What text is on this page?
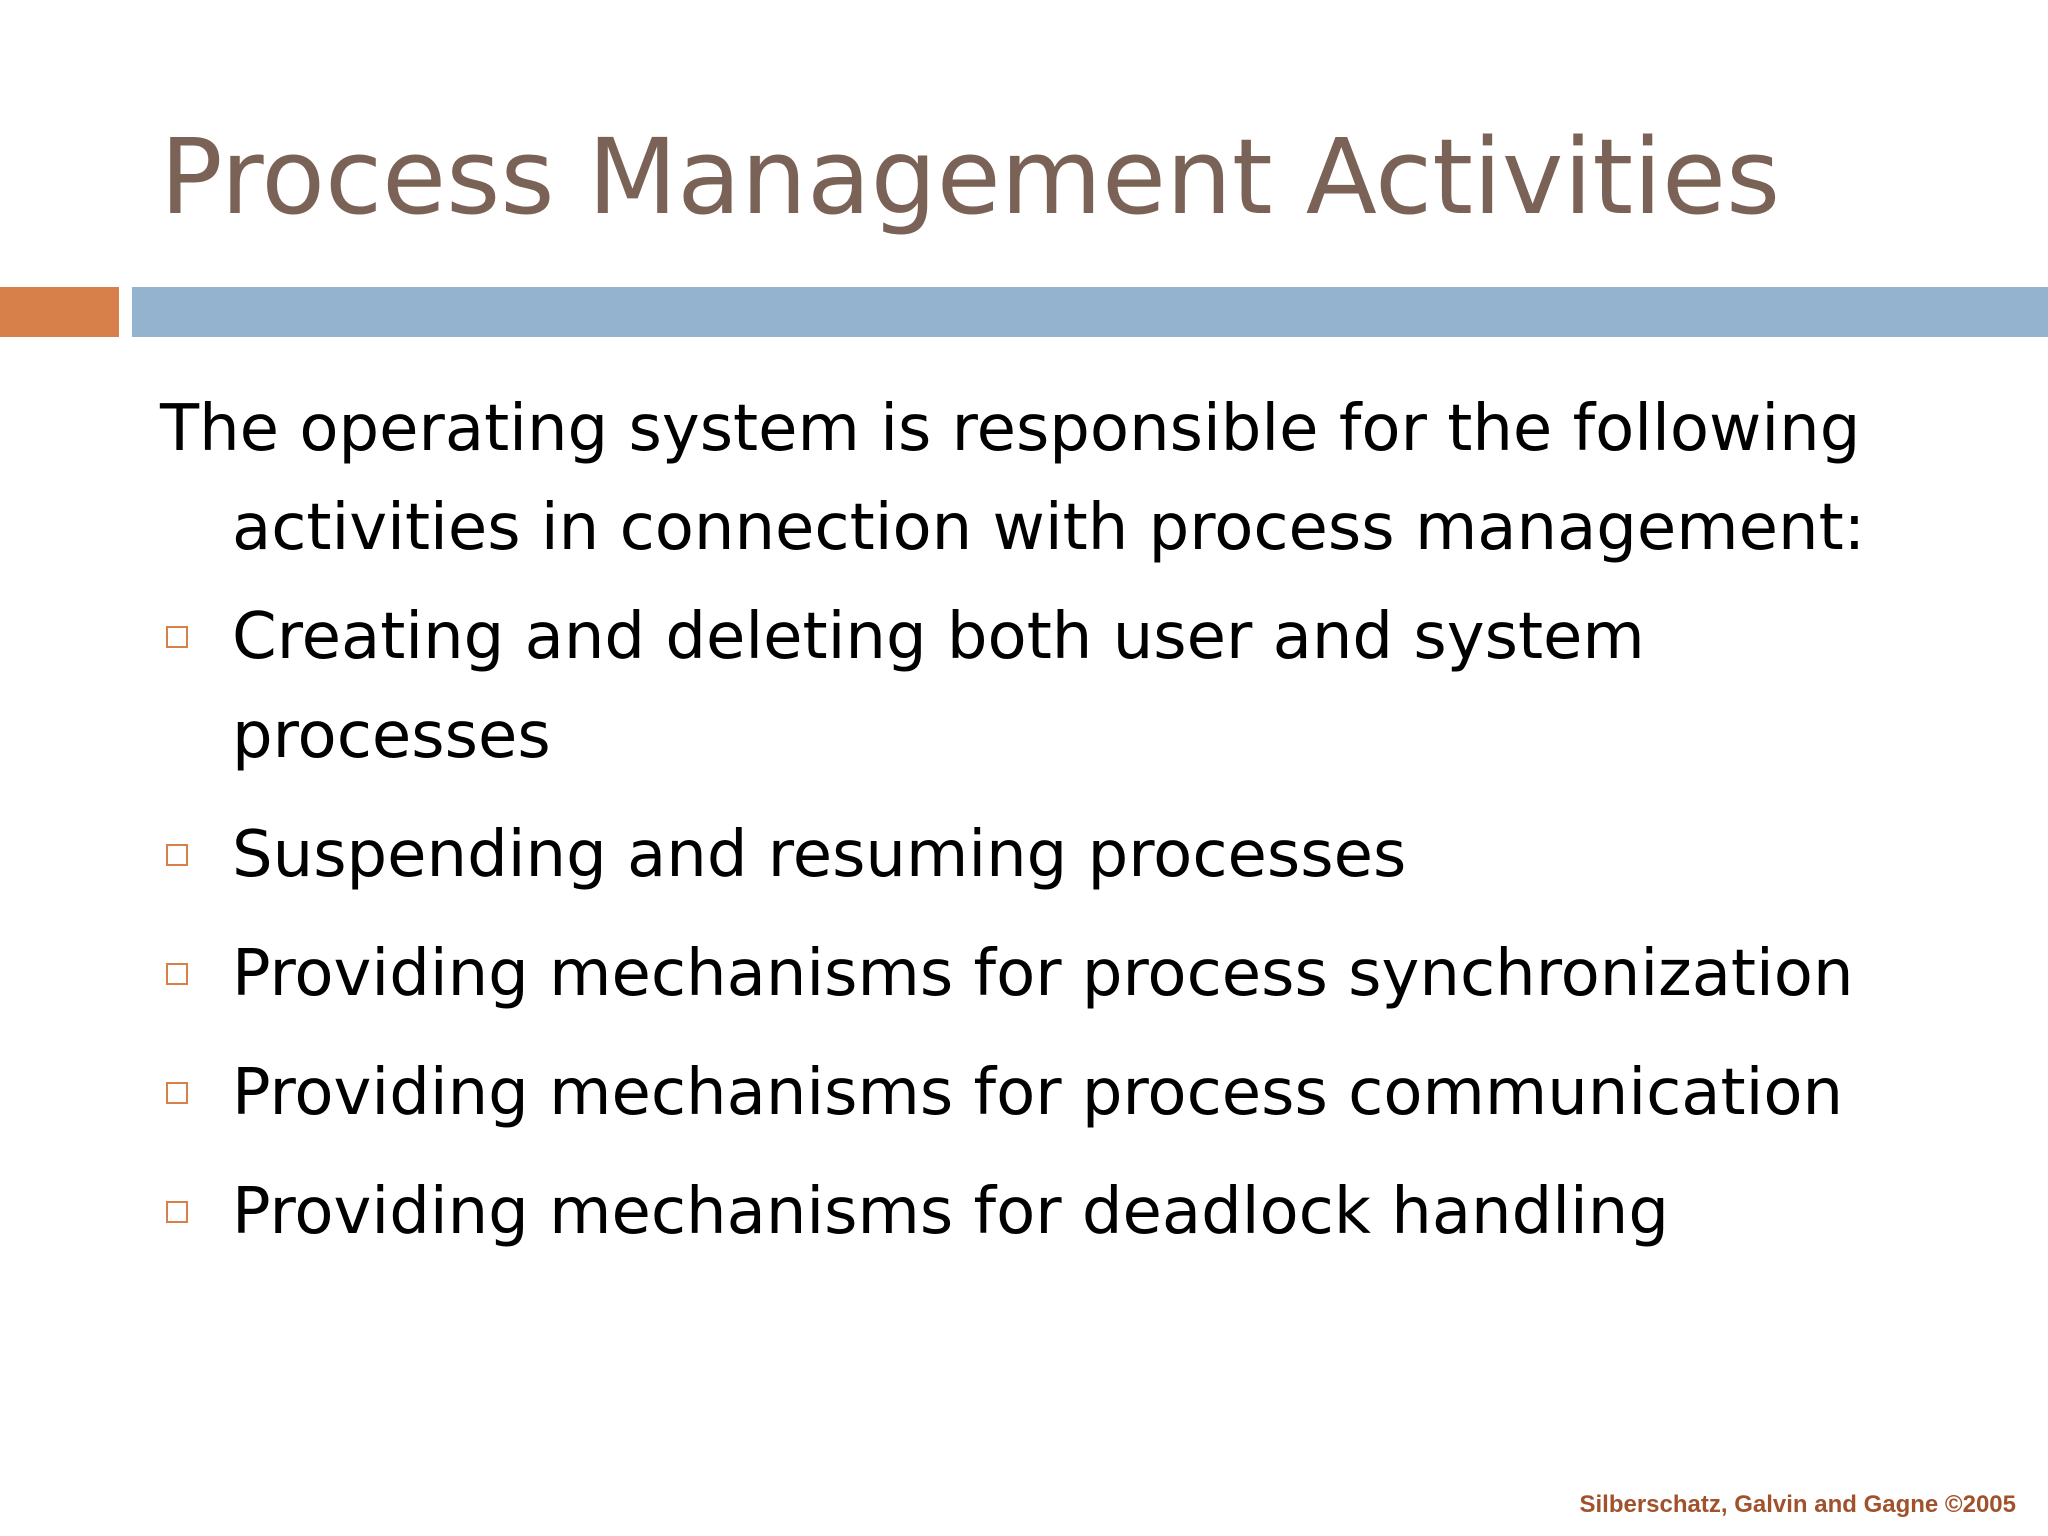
Process Management Activities

The operating system is responsible for the following activities in connection with process management:

Creating and deleting both user and system processes
Suspending and resuming processes
Providing mechanisms for process synchronization
Providing mechanisms for process communication
Providing mechanisms for deadlock handling
Silberschatz, Galvin and Gagne ©2005
